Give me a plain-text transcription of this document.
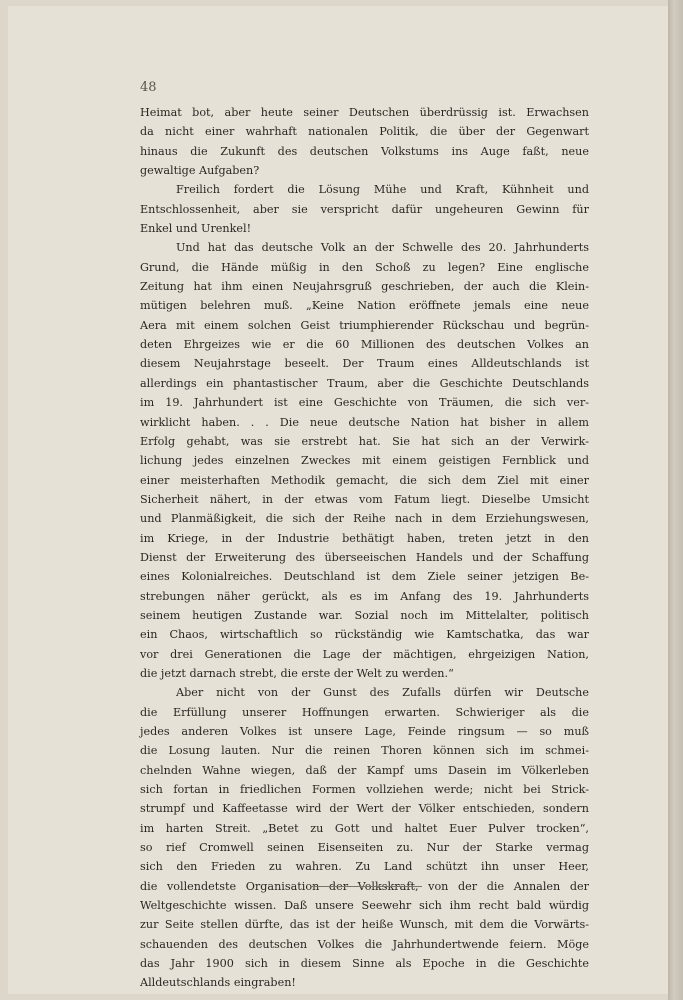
48

Heimat bot, aber heute seiner Deutschen überdrüssig ist. Erwachsen
da nicht einer wahrhaft nationalen Politik, die über der Gegenwart
hinaus die Zukunft des deutschen Volkstums ins Auge faßt, neue
gewaltige Aufgaben?

Freilich fordert die Lösung Mühe und Kraft, Kühnheit und
Entschlossenheit, aber sie verspricht dafür ungeheuren Gewinn für
Enkel und Urenkel!

Und hat das deutsche Volk an der Schwelle des 20. Jahrhunderts
Grund, die Hände müßig in den Schoß zu legen? Eine englische
Zeitung hat ihm einen Neujahrsgruß geschrieben, der auch die Klein-
mütigen belehren muß. „Keine Nation eröffnete jemals eine neue
Aera mit einem solchen Geist triumphierender Rückschau und begrün-
deten Ehrgeizes wie er die 60 Millionen des deutschen Volkes an
diesem Neujahrstage beseelt. Der Traum eines Alldeutschlands ist
allerdings ein phantastischer Traum, aber die Geschichte Deutschlands
im 19. Jahrhundert ist eine Geschichte von Träumen, die sich ver-
wirklicht haben. . . Die neue deutsche Nation hat bisher in allem
Erfolg gehabt, was sie erstrebt hat. Sie hat sich an der Verwirk-
lichung jedes einzelnen Zweckes mit einem geistigen Fernblick und
einer meisterhaften Methodik gemacht, die sich dem Ziel mit einer
Sicherheit nähert, in der etwas vom Fatum liegt. Dieselbe Umsicht
und Planmäßigkeit, die sich der Reihe nach in dem Erziehungswesen,
im Kriege, in der Industrie bethätigt haben, treten jetzt in den
Dienst der Erweiterung des überseeischen Handels und der Schaffung
eines Kolonialreiches. Deutschland ist dem Ziele seiner jetzigen Be-
strebungen näher gerückt, als es im Anfang des 19. Jahrhunderts
seinem heutigen Zustande war. Sozial noch im Mittelalter, politisch
ein Chaos, wirtschaftlich so rückständig wie Kamtschatka, das war
vor drei Generationen die Lage der mächtigen, ehrgeizigen Nation,
die jetzt darnach strebt, die erste der Welt zu werden.“

Aber nicht von der Gunst des Zufalls dürfen wir Deutsche
die Erfüllung unserer Hoffnungen erwarten. Schwieriger als die
jedes anderen Volkes ist unsere Lage, Feinde ringsum — so muß
die Losung lauten. Nur die reinen Thoren können sich im schmei-
chelnden Wahne wiegen, daß der Kampf ums Dasein im Völkerleben
sich fortan in friedlichen Formen vollziehen werde; nicht bei Strick-
strumpf und Kaffeetasse wird der Wert der Völker entschieden, sondern
im harten Streit. „Betet zu Gott und haltet Euer Pulver trocken“,
so rief Cromwell seinen Eisenseiten zu. Nur der Starke vermag
sich den Frieden zu wahren. Zu Land schützt ihn unser Heer,
die vollendetste Organisation der Volkskraft, von der die Annalen der
Weltgeschichte wissen. Daß unsere Seewehr sich ihm recht bald würdig
zur Seite stellen dürfte, das ist der heiße Wunsch, mit dem die Vorwärts-
schauenden des deutschen Volkes die Jahrhundertwende feiern. Möge
das Jahr 1900 sich in diesem Sinne als Epoche in die Geschichte
Alldeutschlands eingraben!
